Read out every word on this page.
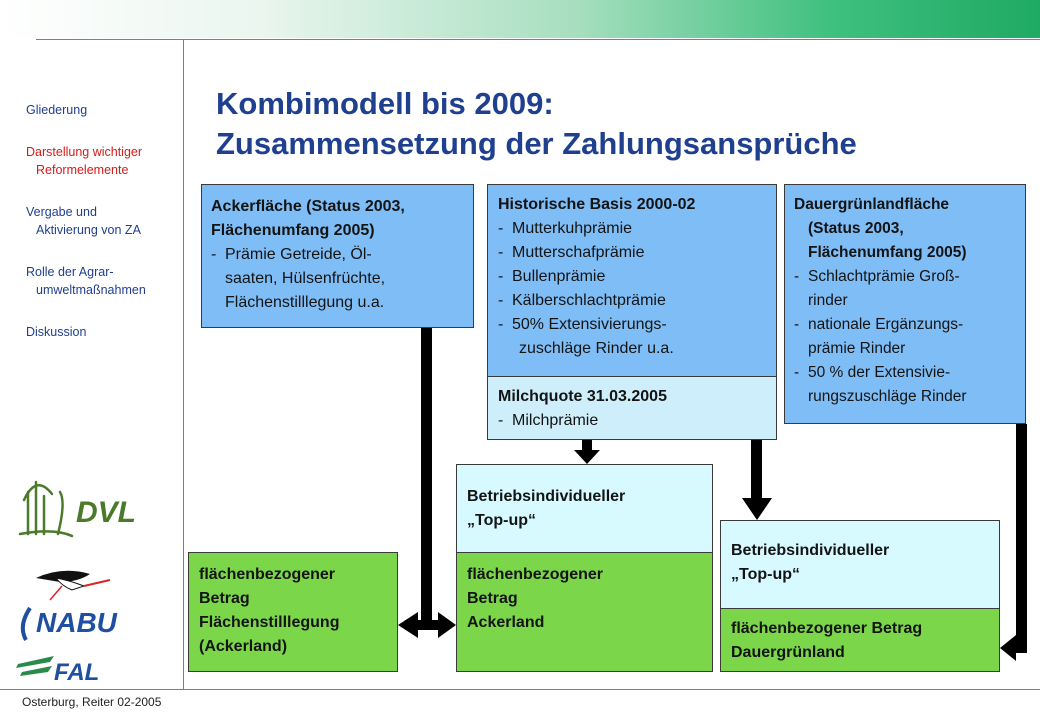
Gliederung
Darstellung wichtiger
Reformelemente
Vergabe und
Aktivierung von ZA
Rolle der Agrar-
umweltmaßnahmen
Diskussion
DVL
NABU
FAL
Osterburg, Reiter 02-2005
Kombimodell bis 2009:
Zusammensetzung der Zahlungsansprüche
Ackerfläche (Status 2003,
Flächenumfang 2005)
- Prämie Getreide, Öl-
saaten, Hülsenfrüchte,
Flächenstilllegung u.a.
Historische Basis 2000-02
- Mutterkuhprämie
- Mutterschafprämie
- Bullenprämie
- Kälberschlachtprämie
- 50% Extensivierungs-
zuschläge Rinder u.a.
Milchquote 31.03.2005
- Milchprämie
Dauergrünlandfläche
(Status 2003,
Flächenumfang 2005)
- Schlachtprämie Groß-
rinder
- nationale Ergänzungs-
prämie Rinder
- 50 % der Extensivie-
rungszuschläge Rinder
Betriebsindividueller
„Top-up“
flächenbezogener
Betrag
Ackerland
Betriebsindividueller
„Top-up“
flächenbezogener Betrag
Dauergrünland
flächenbezogener
Betrag
Flächenstilllegung
(Ackerland)
